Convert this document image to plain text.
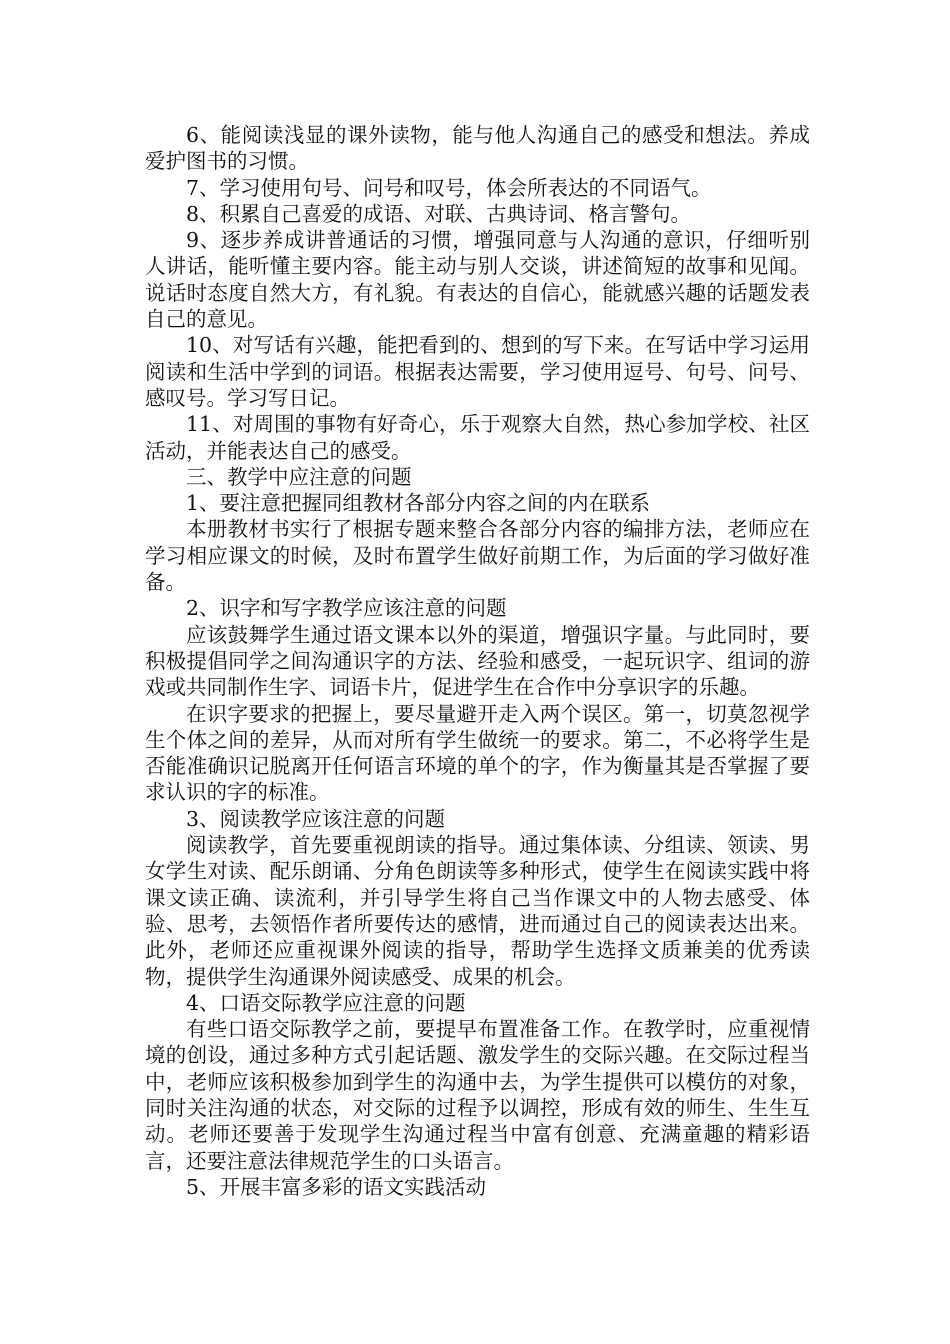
6、能阅读浅显的课外读物，能与他人沟通自己的感受和想法。养成爱护图书的习惯。

7、学习使用句号、问号和叹号，体会所表达的不同语气。

8、积累自己喜爱的成语、对联、古典诗词、格言警句。

9、逐步养成讲普通话的习惯，增强同意与人沟通的意识，仔细听别人讲话，能听懂主要内容。能主动与别人交谈，讲述简短的故事和见闻。说话时态度自然大方，有礼貌。有表达的自信心，能就感兴趣的话题发表自己的意见。

10、对写话有兴趣，能把看到的、想到的写下来。在写话中学习运用阅读和生活中学到的词语。根据表达需要，学习使用逗号、句号、问号、感叹号。学习写日记。

11、对周围的事物有好奇心，乐于观察大自然，热心参加学校、社区活动，并能表达自己的感受。

三、教学中应注意的问题

1、要注意把握同组教材各部分内容之间的内在联系

本册教材书实行了根据专题来整合各部分内容的编排方法，老师应在学习相应课文的时候，及时布置学生做好前期工作，为后面的学习做好准备。

2、识字和写字教学应该注意的问题

应该鼓舞学生通过语文课本以外的渠道，增强识字量。与此同时，要积极提倡同学之间沟通识字的方法、经验和感受，一起玩识字、组词的游戏或共同制作生字、词语卡片，促进学生在合作中分享识字的乐趣。

在识字要求的把握上，要尽量避开走入两个误区。第一，切莫忽视学生个体之间的差异，从而对所有学生做统一的要求。第二，不必将学生是否能准确识记脱离开任何语言环境的单个的字，作为衡量其是否掌握了要求认识的字的标准。

3、阅读教学应该注意的问题

阅读教学，首先要重视朗读的指导。通过集体读、分组读、领读、男女学生对读、配乐朗诵、分角色朗读等多种形式，使学生在阅读实践中将课文读正确、读流利，并引导学生将自己当作课文中的人物去感受、体验、思考，去领悟作者所要传达的感情，进而通过自己的阅读表达出来。此外，老师还应重视课外阅读的指导，帮助学生选择文质兼美的优秀读物，提供学生沟通课外阅读感受、成果的机会。

4、口语交际教学应注意的问题

有些口语交际教学之前，要提早布置准备工作。在教学时，应重视情境的创设，通过多种方式引起话题、激发学生的交际兴趣。在交际过程当中，老师应该积极参加到学生的沟通中去，为学生提供可以模仿的对象，同时关注沟通的状态，对交际的过程予以调控，形成有效的师生、生生互动。老师还要善于发现学生沟通过程当中富有创意、充满童趣的精彩语言，还要注意法律规范学生的口头语言。

5、开展丰富多彩的语文实践活动
